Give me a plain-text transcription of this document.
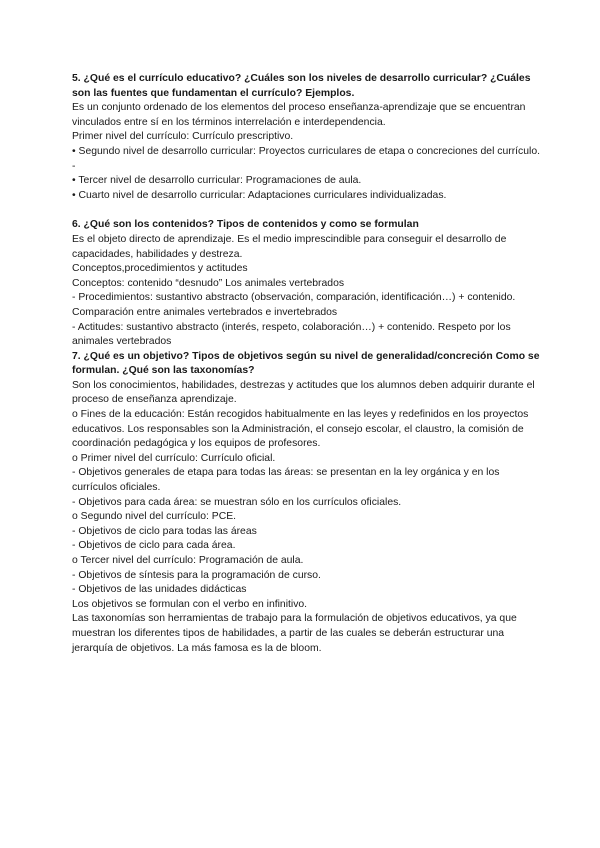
5. ¿Qué es el currículo educativo? ¿Cuáles son los niveles de desarrollo curricular? ¿Cuáles son las fuentes que fundamentan el currículo? Ejemplos.

Es un conjunto ordenado de los elementos del proceso enseñanza-aprendizaje que se encuentran vinculados entre sí en los términos interrelación e interdependencia.

Primer nivel del currículo: Currículo prescriptivo.

• Segundo nivel de desarrollo curricular: Proyectos curriculares de etapa o concreciones del currículo. -

• Tercer nivel de desarrollo curricular: Programaciones de aula.

• Cuarto nivel de desarrollo curricular: Adaptaciones curriculares individualizadas.

6. ¿Qué son los contenidos? Tipos de contenidos y como se formulan

Es el objeto directo de aprendizaje. Es el medio imprescindible para conseguir el desarrollo de capacidades, habilidades y destreza.

Conceptos,procedimientos y actitudes

Conceptos: contenido “desnudo” Los animales vertebrados

- Procedimientos: sustantivo abstracto (observación, comparación, identificación…) + contenido. Comparación entre animales vertebrados e invertebrados

- Actitudes: sustantivo abstracto (interés, respeto, colaboración…) + contenido. Respeto por los animales vertebrados

7. ¿Qué es un objetivo? Tipos de objetivos según su nivel de generalidad/concreción Como se formulan. ¿Qué son las taxonomías?

Son los conocimientos, habilidades, destrezas y actitudes que los alumnos deben adquirir durante el proceso de enseñanza aprendizaje.

o Fines de la educación: Están recogidos habitualmente en las leyes y redefinidos en los proyectos educativos. Los responsables son la Administración, el consejo escolar, el claustro, la comisión de coordinación pedagógica y los equipos de profesores.

o Primer nivel del currículo: Currículo oficial.

- Objetivos generales de etapa para todas las áreas: se presentan en la ley orgánica y en los currículos oficiales.

- Objetivos para cada área: se muestran sólo en los currículos oficiales.

o Segundo nivel del currículo: PCE.

- Objetivos de ciclo para todas las áreas

- Objetivos de ciclo para cada área.

o Tercer nivel del currículo: Programación de aula.

- Objetivos de síntesis para la programación de curso.

- Objetivos de las unidades didácticas

Los objetivos se formulan con el verbo en infinitivo.

Las taxonomías son herramientas de trabajo para la formulación de objetivos educativos, ya que muestran los diferentes tipos de habilidades, a partir de las cuales se deberán estructurar una jerarquía de objetivos. La más famosa es la de bloom.
